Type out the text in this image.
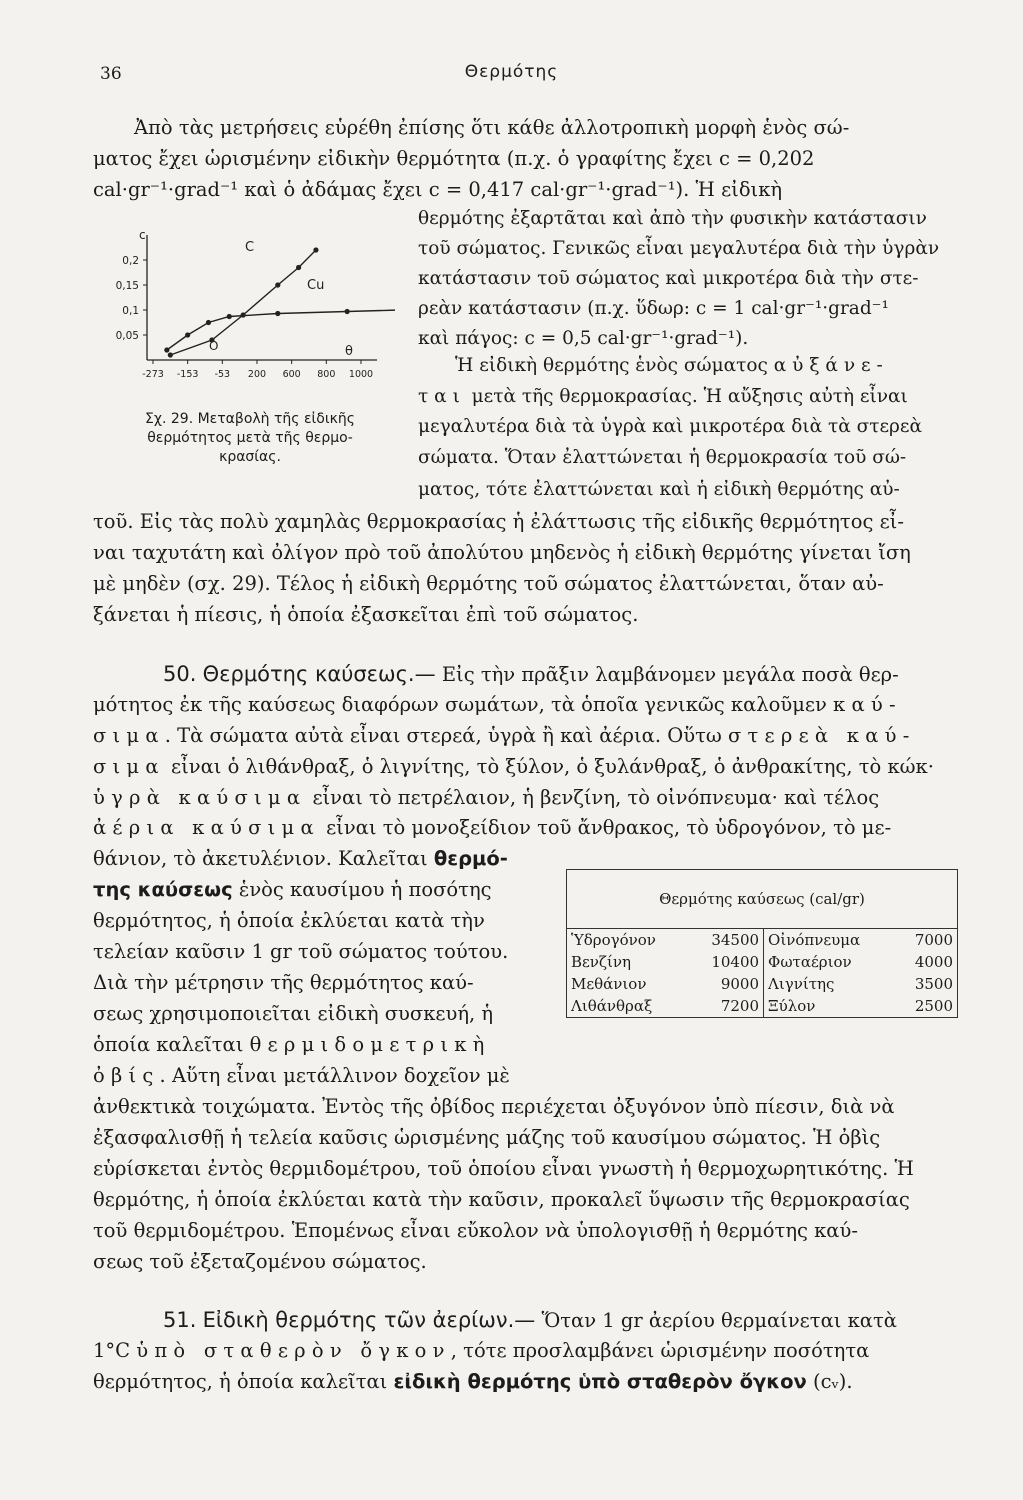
36	Θερμότης
Ἀπὸ τὰς μετρήσεις εὑρέθη ἐπίσης ὅτι κάθε ἀλλοτροπικὴ μορφὴ ἑνὸς σώ-
ματος ἔχει ὡρισμένην εἰδικὴν θερμότητα (π.χ. ὁ γραφίτης ἔχει c = 0,202
cal·gr⁻¹·grad⁻¹ καὶ ὁ ἀδάμας ἔχει c = 0,417 cal·gr⁻¹·grad⁻¹). Ἡ εἰδικὴ
θερμότης ἐξαρτᾶται καὶ ἀπὸ τὴν φυσικὴν κατάστασιν
τοῦ σώματος. Γενικῶς εἶναι μεγαλυτέρα διὰ τὴν ὑγρὰν
κατάστασιν τοῦ σώματος καὶ μικροτέρα διὰ τὴν στε-
ρεὰν κατάστασιν (π.χ. ὕδωρ: c = 1 cal·gr⁻¹·grad⁻¹
καὶ πάγος: c = 0,5 cal·gr⁻¹·grad⁻¹).
c
θ
0,05
0,1
0,15
0,2
-273 -153 -53 200 600 800 1000
C
Cu
O
Σχ. 29. Μεταβολὴ τῆς εἰδικῆς
θερμότητος μετὰ τῆς θερμο-
κρασίας.
Ἡ εἰδικὴ θερμότης ἑνὸς σώματος αὐξάνε-
ται μετὰ τῆς θερμοκρασίας. Ἡ αὔξησις αὐτὴ εἶναι
μεγαλυτέρα διὰ τὰ ὑγρὰ καὶ μικροτέρα διὰ τὰ στερεὰ
σώματα. Ὅταν ἐλαττώνεται ἡ θερμοκρασία τοῦ σώ-
ματος, τότε ἐλαττώνεται καὶ ἡ εἰδικὴ θερμότης αὐ-
τοῦ. Εἰς τὰς πολὺ χαμηλὰς θερμοκρασίας ἡ ἐλάττωσις τῆς εἰδικῆς θερμότητος εἶ-
ναι ταχυτάτη καὶ ὀλίγον πρὸ τοῦ ἀπολύτου μηδενὸς ἡ εἰδικὴ θερμότης γίνεται ἴση
μὲ μηδὲν (σχ. 29). Τέλος ἡ εἰδικὴ θερμότης τοῦ σώματος ἐλαττώνεται, ὅταν αὐ-
ξάνεται ἡ πίεσις, ἡ ὁποία ἐξασκεῖται ἐπὶ τοῦ σώματος.
50. Θερμότης καύσεως.— Εἰς τὴν πρᾶξιν λαμβάνομεν μεγάλα ποσὰ θερ-
μότητος ἐκ τῆς καύσεως διαφόρων σωμάτων, τὰ ὁποῖα γενικῶς καλοῦμεν καύ-
σιμα. Τὰ σώματα αὐτὰ εἶναι στερεά, ὑγρὰ ἢ καὶ ἀέρια. Οὕτω στερεὰ καύ-
σιμα εἶναι ὁ λιθάνθραξ, ὁ λιγνίτης, τὸ ξύλον, ὁ ξυλάνθραξ, ὁ ἀνθρακίτης, τὸ κώκ·
ὑγρὰ καύσιμα εἶναι τὸ πετρέλαιον, ἡ βενζίνη, τὸ οἰνόπνευμα· καὶ τέλος
ἀέρια καύσιμα εἶναι τὸ μονοξείδιον τοῦ ἄνθρακος, τὸ ὑδρογόνον, τὸ με-
θάνιον, τὸ ἀκετυλένιον. Καλεῖται θερμό-
της καύσεως ἑνὸς καυσίμου ἡ ποσότης
θερμότητος, ἡ ὁποία ἐκλύεται κατὰ τὴν
τελείαν καῦσιν 1 gr τοῦ σώματος τούτου.
Διὰ τὴν μέτρησιν τῆς θερμότητος καύ-
σεως χρησιμοποιεῖται εἰδικὴ συσκευή, ἡ
ὁποία καλεῖται θερμιδομετρικὴ
ὀβίς. Αὕτη εἶναι μετάλλινον δοχεῖον μὲ
ἀνθεκτικὰ τοιχώματα. Ἐντὸς τῆς ὀβίδος περιέχεται ὀξυγόνον ὑπὸ πίεσιν, διὰ νὰ
ἐξασφαλισθῇ ἡ τελεία καῦσις ὡρισμένης μάζης τοῦ καυσίμου σώματος. Ἡ ὀβὶς
εὑρίσκεται ἐντὸς θερμιδομέτρου, τοῦ ὁποίου εἶναι γνωστὴ ἡ θερμοχωρητικότης. Ἡ
θερμότης, ἡ ὁποία ἐκλύεται κατὰ τὴν καῦσιν, προκαλεῖ ὕψωσιν τῆς θερμοκρασίας
τοῦ θερμιδομέτρου. Ἑπομένως εἶναι εὔκολον νὰ ὑπολογισθῇ ἡ θερμότης καύ-
σεως τοῦ ἐξεταζομένου σώματος.
Θερμότης καύσεως (cal/gr)			
Ὑδρογόνον	34500	Οἰνόπνευμα	7000
Βενζίνη	10400	Φωταέριον	4000
Μεθάνιον	9000	Λιγνίτης	3500
Λιθάνθραξ	7200	Ξύλον	2500
51. Εἰδικὴ θερμότης τῶν ἀερίων.— Ὅταν 1 gr ἀερίου θερμαίνεται κατὰ
1°C ὑπὸ σταθερὸν ὄγκον, τότε προσλαμβάνει ὡρισμένην ποσότητα
θερμότητος, ἡ ὁποία καλεῖται εἰδικὴ θερμότης ὑπὸ σταθερὸν ὄγκον (cᵥ).
